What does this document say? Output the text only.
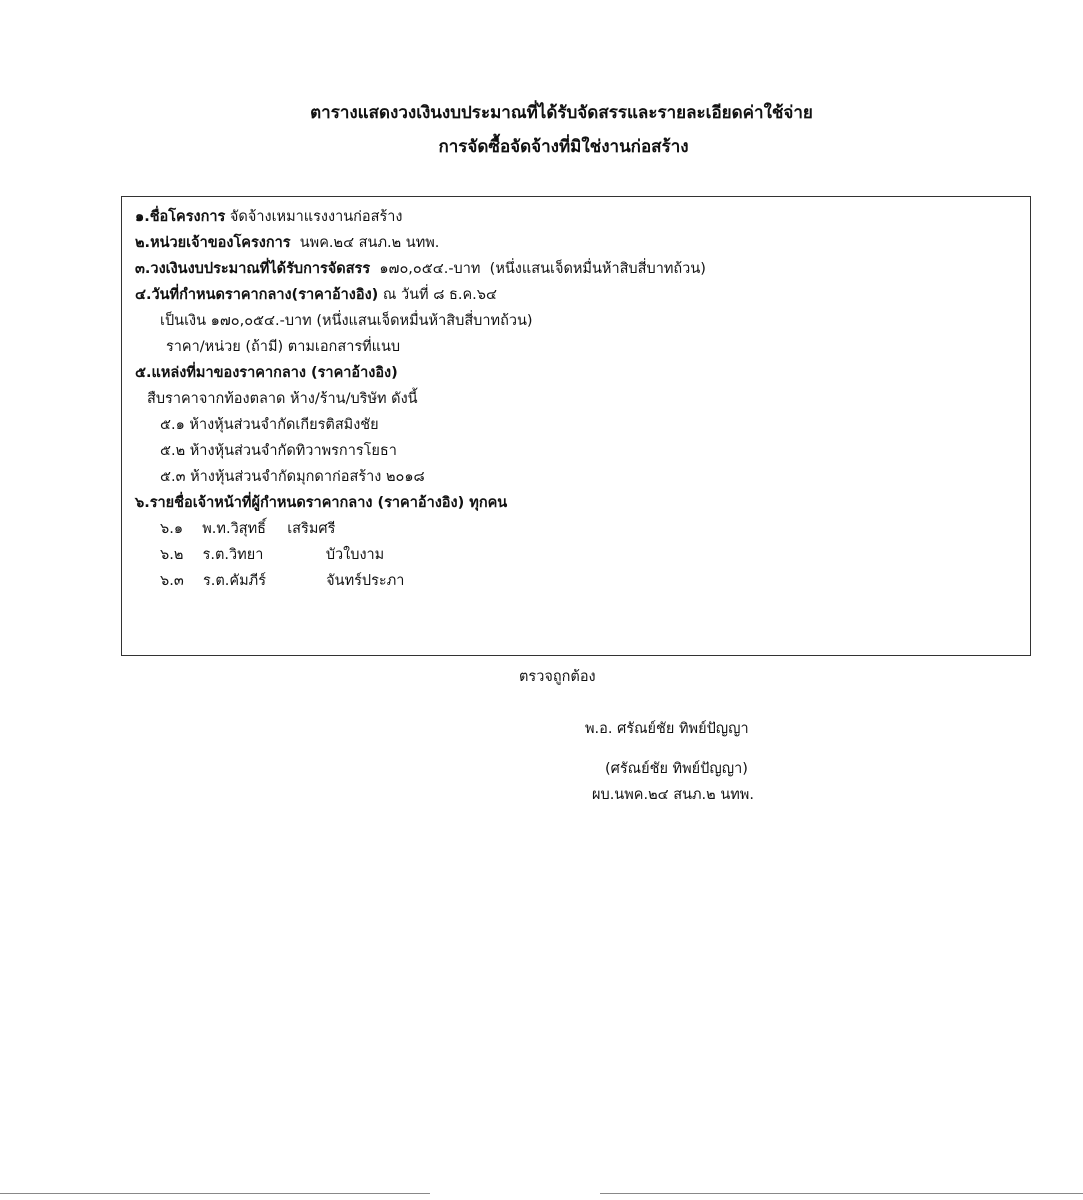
ตารางแสดงวงเงินงบประมาณที่ได้รับจัดสรรและรายละเอียดค่าใช้จ่าย
การจัดซื้อจัดจ้างที่มิใช่งานก่อสร้าง
๑.ชื่อโครงการ จัดจ้างเหมาแรงงานก่อสร้าง
๒.หน่วยเจ้าของโครงการ  นพค.๒๔ สนภ.๒ นทพ.
๓.วงเงินงบประมาณที่ได้รับการจัดสรร  ๑๗๐,๐๕๔.-บาท  (หนึ่งแสนเจ็ดหมื่นห้าสิบสี่บาทถ้วน)
๔.วันที่กำหนดราคากลาง(ราคาอ้างอิง) ณ วันที่ ๘ ธ.ค.๖๔
เป็นเงิน ๑๗๐,๐๕๔.-บาท (หนึ่งแสนเจ็ดหมื่นห้าสิบสี่บาทถ้วน)
ราคา/หน่วย (ถ้ามี) ตามเอกสารที่แนบ
๕.แหล่งที่มาของราคากลาง (ราคาอ้างอิง)
สืบราคาจากท้องตลาด ห้าง/ร้าน/บริษัท ดังนี้
๕.๑ ห้างหุ้นส่วนจำกัดเกียรติสมิงชัย
๕.๒ ห้างหุ้นส่วนจำกัดทิวาพรการโยธา
๕.๓ ห้างหุ้นส่วนจำกัดมุกดาก่อสร้าง ๒๐๑๘
๖.รายชื่อเจ้าหน้าที่ผู้กำหนดราคากลาง (ราคาอ้างอิง) ทุกคน
๖.๑ พ.ท.วิสุทธิ์ เสริมศรี
๖.๒ ร.ต.วิทยา	บัวใบงาม
๖.๓ ร.ต.คัมภีร์	จันทร์ประภา
ตรวจถูกต้อง
พ.อ. ศรัณย์ชัย ทิพย์ปัญญา
(ศรัณย์ชัย ทิพย์ปัญญา)
ผบ.นพค.๒๔ สนภ.๒ นทพ.
